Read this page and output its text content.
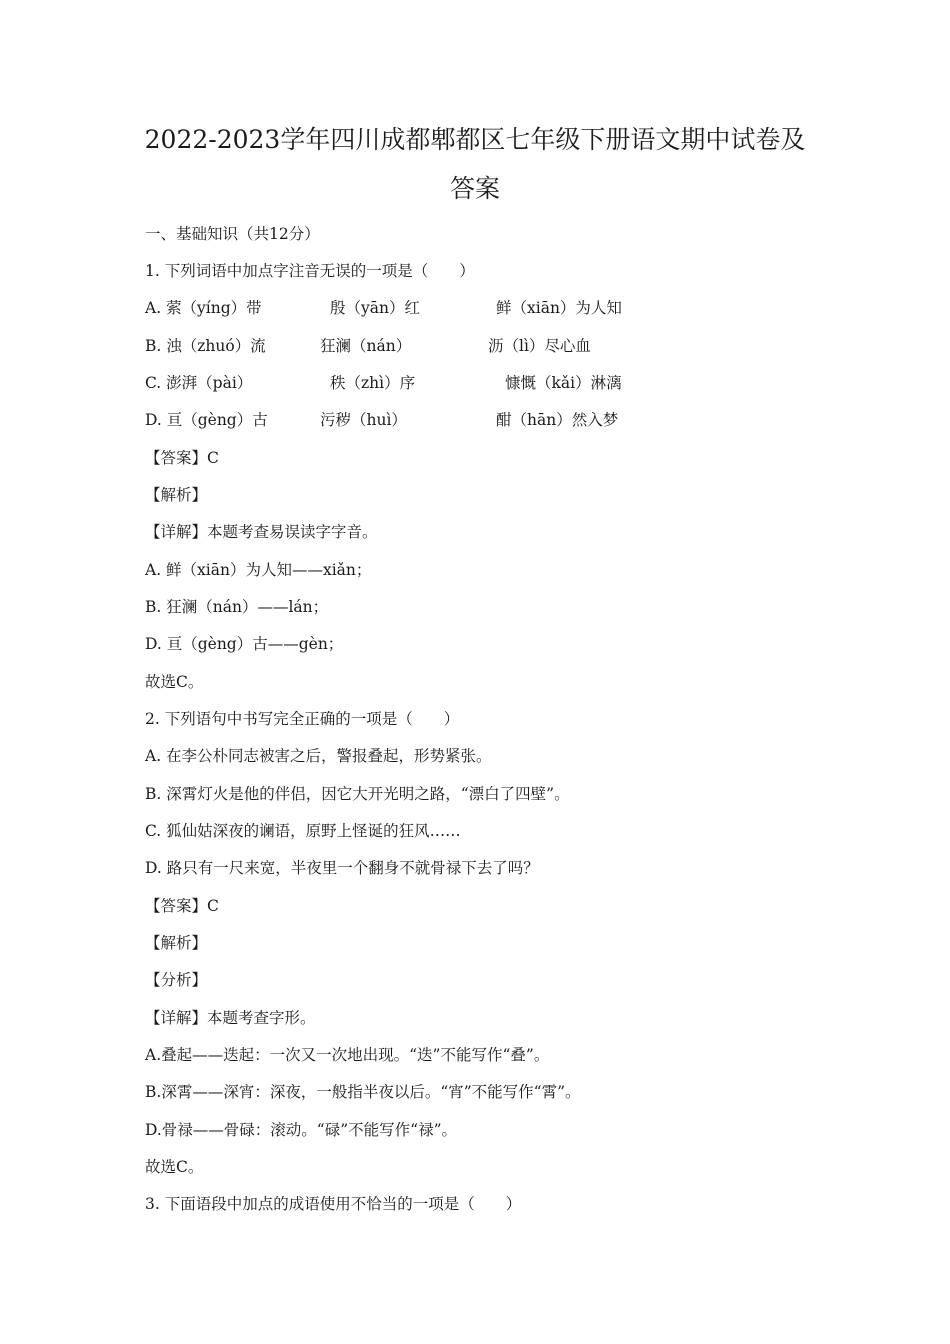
2022-2023学年四川成都郫都区七年级下册语文期中试卷及
答案
一、基础知识（共12分）
1. 下列词语中加点字注音无误的一项是（　　）
A. 萦（yíng）带	殷（yān）红	鲜（xiān）为人知
B. 浊（zhuó）流	狂澜（nán）	沥（lì）尽心血
C. 澎湃（pài）	秩（zhì）序	慷慨（kǎi）淋漓
D. 亘（gèng）古	污秽（huì）	酣（hān）然入梦
【答案】C
【解析】
【详解】本题考查易误读字字音。
A. 鲜（xiān）为人知——xiǎn；
B. 狂澜（nán）——lán；
D. 亘（gèng）古——gèn；
故选C。
2. 下列语句中书写完全正确的一项是（　　）
A. 在李公朴同志被害之后，警报叠起，形势紧张。
B. 深霄灯火是他的伴侣，因它大开光明之路，“漂白了四壁”。
C. 狐仙姑深夜的谰语，原野上怪诞的狂风……
D. 路只有一尺来宽，半夜里一个翻身不就骨禄下去了吗？
【答案】C
【解析】
【分析】
【详解】本题考查字形。
A.叠起——迭起：一次又一次地出现。“迭”不能写作“叠”。
B.深霄——深宵：深夜，一般指半夜以后。“宵”不能写作“霄”。
D.骨禄——骨碌：滚动。“碌”不能写作“禄”。
故选C。
3. 下面语段中加点的成语使用不恰当的一项是（　　）
